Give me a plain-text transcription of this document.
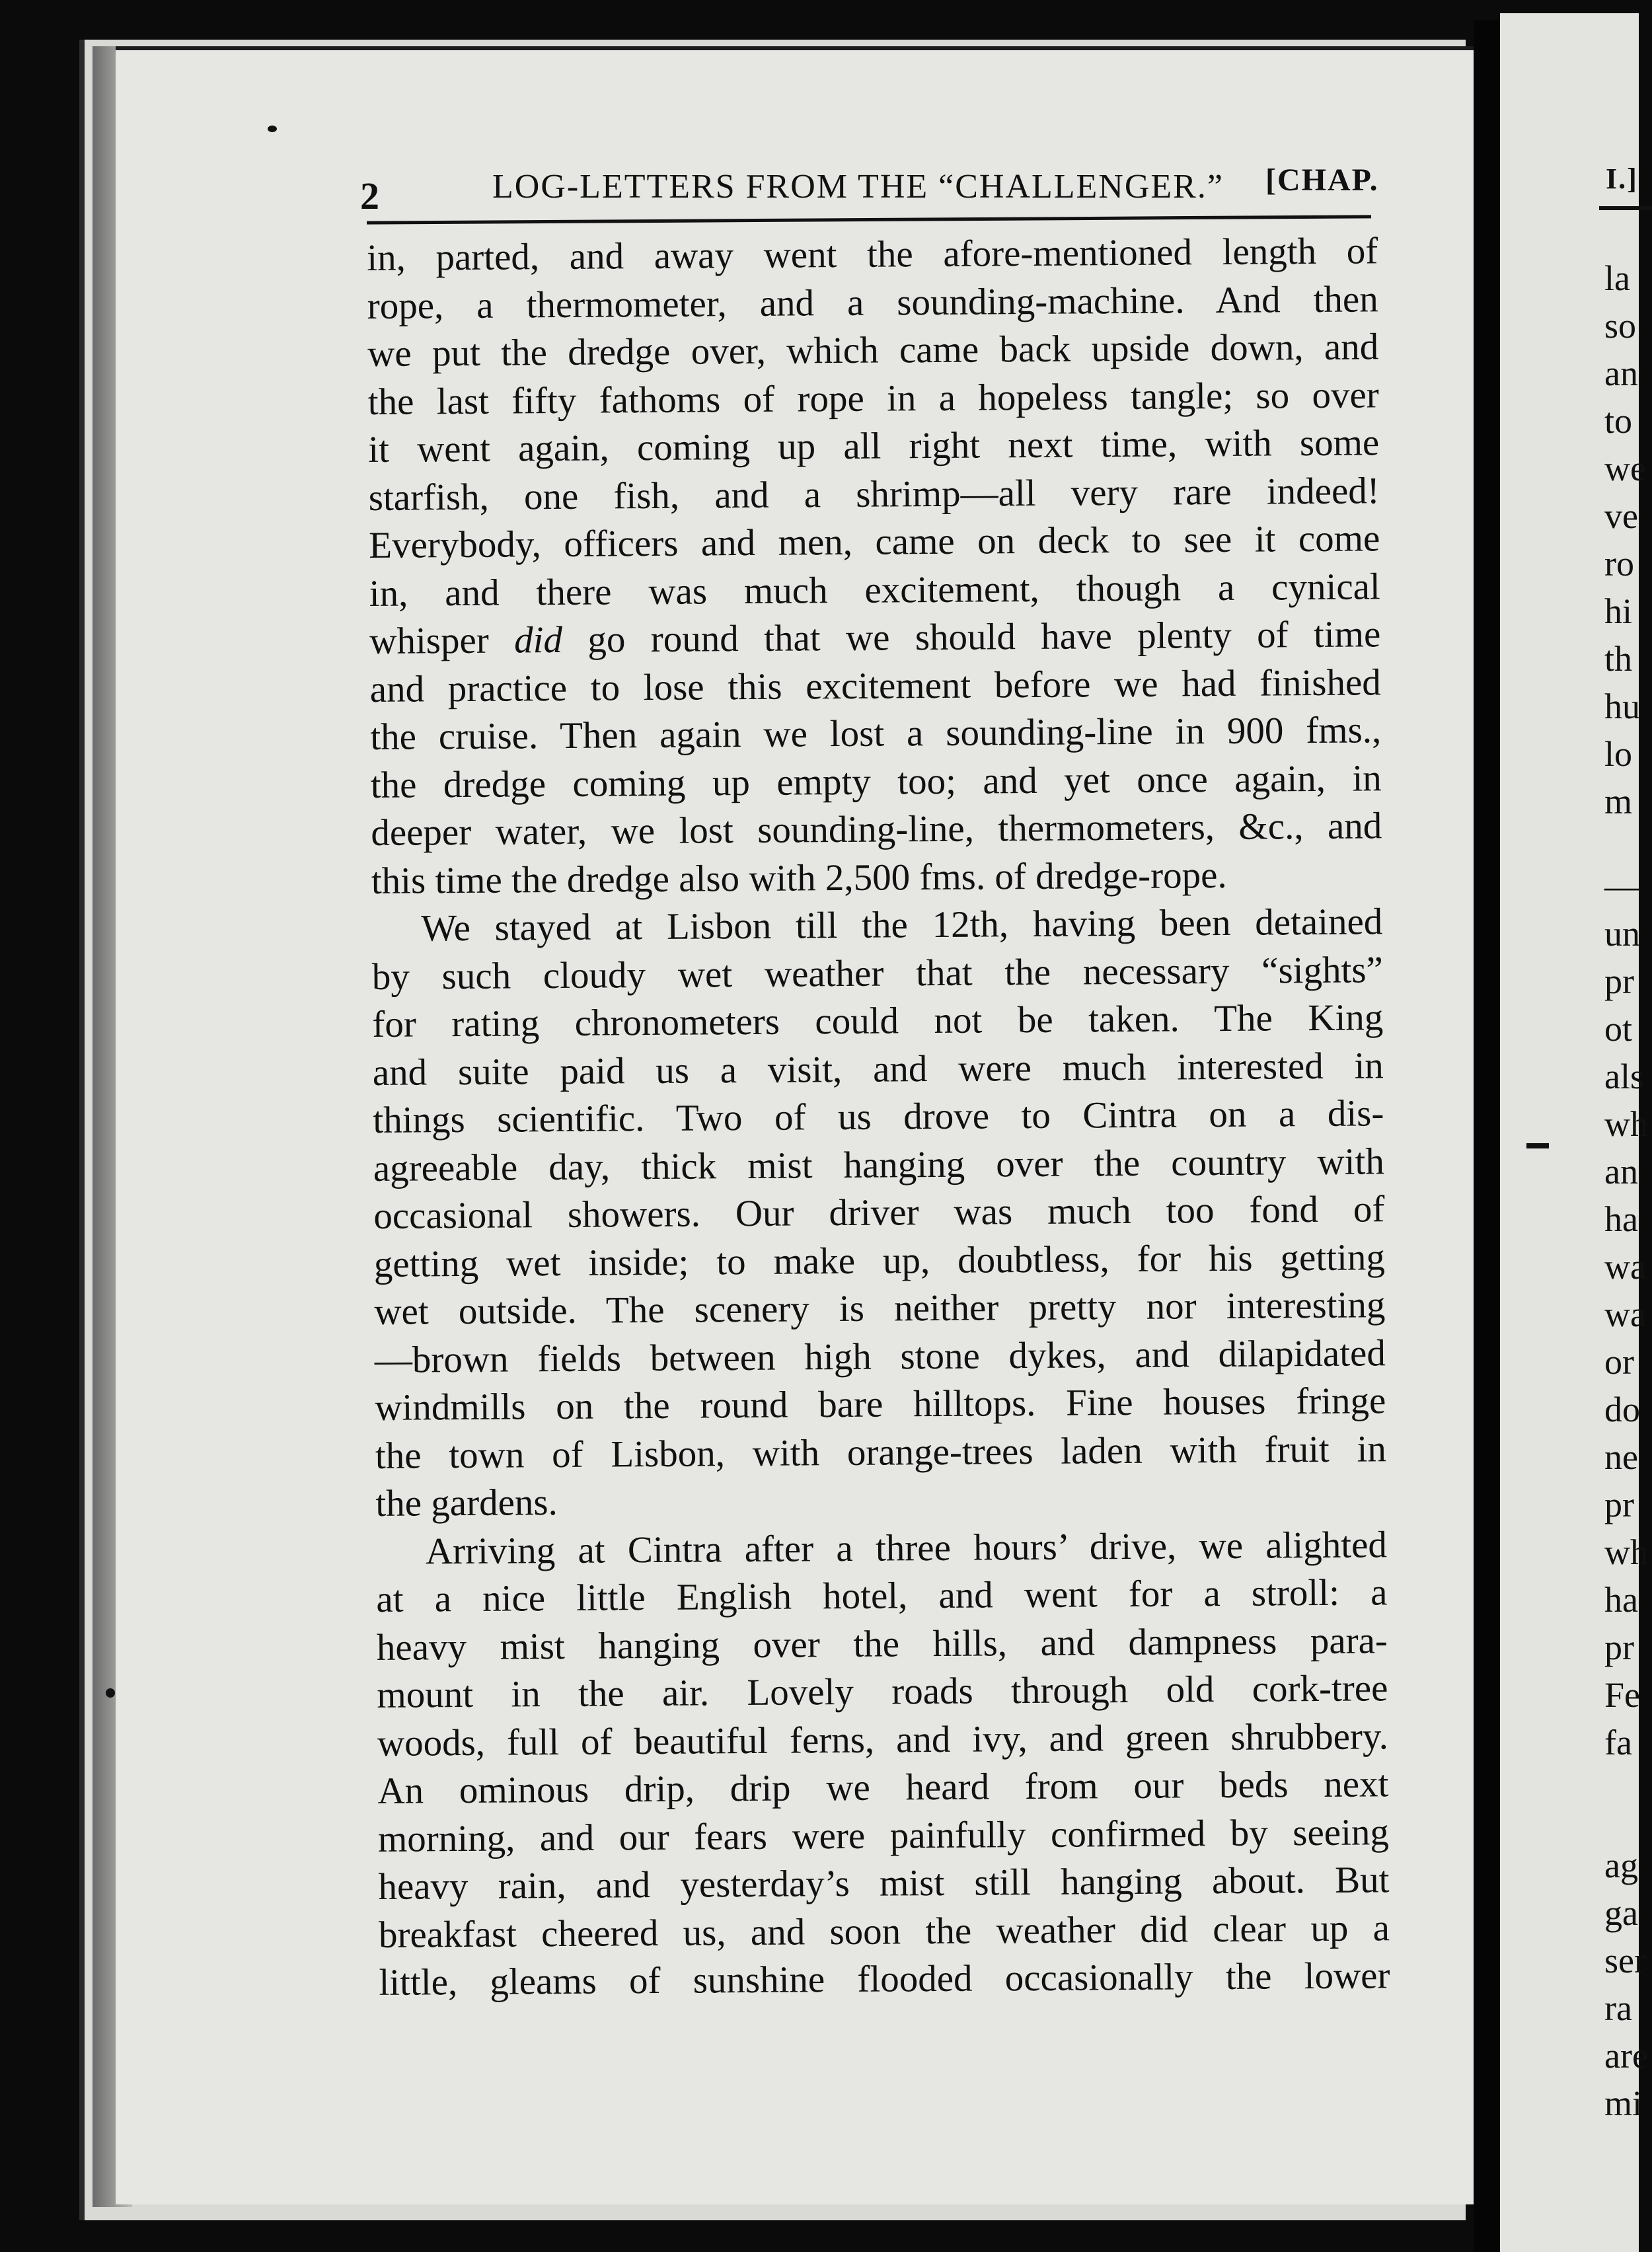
2	LOG-LETTERS FROM THE “CHALLENGER.” [CHAP.
in, parted, and away went the afore-mentioned length of
rope, a thermometer, and a sounding-machine. And then
we put the dredge over, which came back upside down, and
the last fifty fathoms of rope in a hopeless tangle; so over
it went again, coming up all right next time, with some
starfish, one fish, and a shrimp—all very rare indeed!
Everybody, officers and men, came on deck to see it come
in, and there was much excitement, though a cynical
whisper did go round that we should have plenty of time
and practice to lose this excitement before we had finished
the cruise. Then again we lost a sounding-line in 900 fms.,
the dredge coming up empty too; and yet once again, in
deeper water, we lost sounding-line, thermometers, &c., and
this time the dredge also with 2,500 fms. of dredge-rope.
We stayed at Lisbon till the 12th, having been detained
by such cloudy wet weather that the necessary “sights”
for rating chronometers could not be taken. The King
and suite paid us a visit, and were much interested in
things scientific. Two of us drove to Cintra on a dis-
agreeable day, thick mist hanging over the country with
occasional showers. Our driver was much too fond of
getting wet inside; to make up, doubtless, for his getting
wet outside. The scenery is neither pretty nor interesting
—brown fields between high stone dykes, and dilapidated
windmills on the round bare hilltops. Fine houses fringe
the town of Lisbon, with orange-trees laden with fruit in
the gardens.
Arriving at Cintra after a three hours’ drive, we alighted
at a nice little English hotel, and went for a stroll: a
heavy mist hanging over the hills, and dampness para-
mount in the air. Lovely roads through old cork-tree
woods, full of beautiful ferns, and ivy, and green shrubbery.
An ominous drip, drip we heard from our beds next
morning, and our fears were painfully confirmed by seeing
heavy rain, and yesterday’s mist still hanging about. But
breakfast cheered us, and soon the weather did clear up a
little, gleams of sunshine flooded occasionally the lower
I.]
la
so
an
to
we
ve
ro
hi
th
hu
lo
m
—
un
pr
ot
als
wh
an
ha
wa
wa
or
do
ne
pr
wh
ha
pr
Fe
fa
ag
ga
ser
ra
are
mi
